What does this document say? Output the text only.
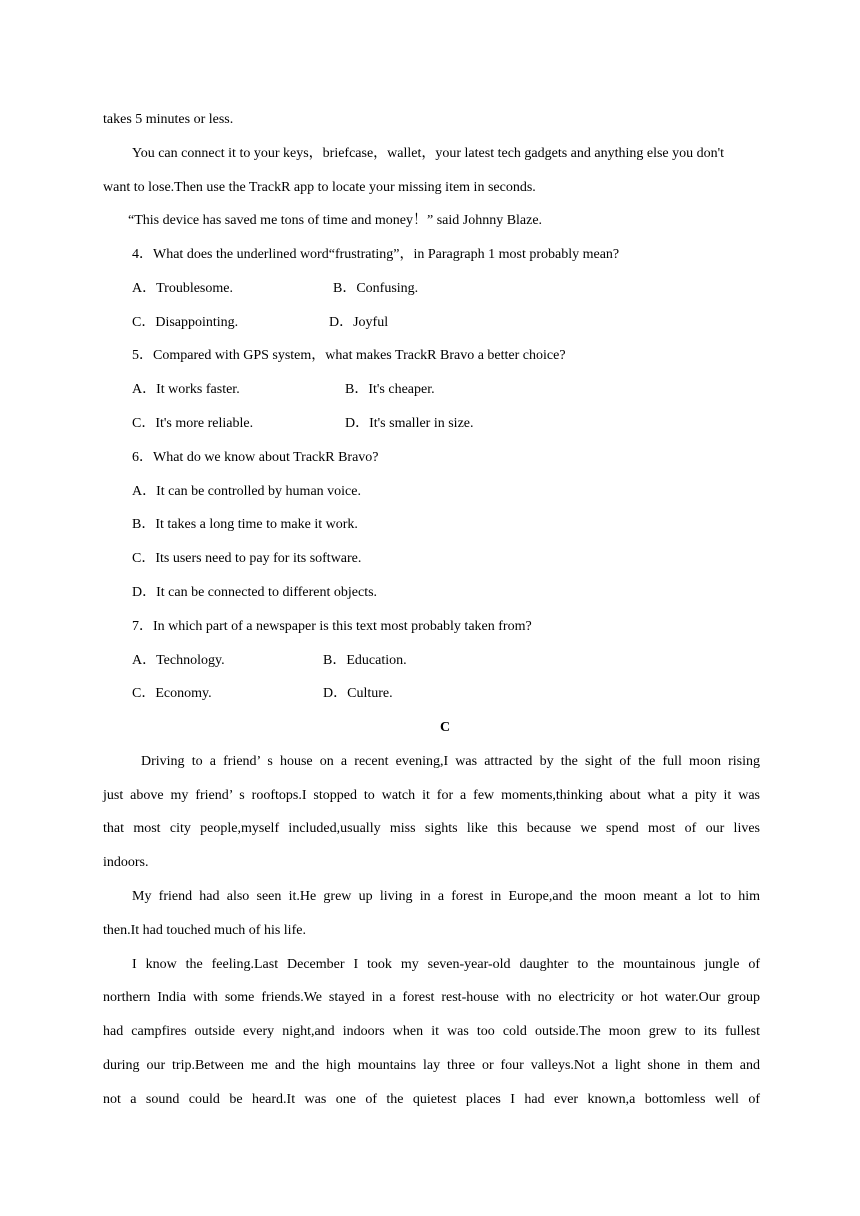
takes 5 minutes or less.
You can connect it to your keys，briefcase，wallet，your latest tech gadgets and anything else you don't
want to lose.Then use the TrackR app to locate your missing item in seconds.
“This device has saved me tons of time and money！” said Johnny Blaze.
4．What does the underlined word“frustrating”，in Paragraph 1 most probably mean?
A．Troublesome.	B．Confusing.
C．Disappointing.	D．Joyful
5．Compared with GPS system，what makes TrackR Bravo a better choice?
A．It works faster.	B．It's cheaper.
C．It's more reliable.	D．It's smaller in size.
6．What do we know about TrackR Bravo?
A．It can be controlled by human voice.
B．It takes a long time to make it work.
C．Its users need to pay for its software.
D．It can be connected to different objects.
7．In which part of a newspaper is this text most probably taken from?
A．Technology.	B．Education.
C．Economy.	D．Culture.
C
Driving to a friend’ s house on a recent evening,I was attracted by the sight of the full moon rising
just above my friend’ s rooftops.I stopped to watch it for a few moments,thinking about what a pity it was
that most city people,myself included,usually miss sights like this because we spend most of our lives
indoors.
My friend had also seen it.He grew up living in a forest in Europe,and the moon meant a lot to him
then.It had touched much of his life.
I know the feeling.Last December I took my seven-year-old daughter to the mountainous jungle of
northern India with some friends.We stayed in a forest rest-house with no electricity or hot water.Our group
had campfires outside every night,and indoors when it was too cold outside.The moon grew to its fullest
during our trip.Between me and the high mountains lay three or four valleys.Not a light shone in them and
not a sound could be heard.It was one of the quietest places I had ever known,a bottomless well of
